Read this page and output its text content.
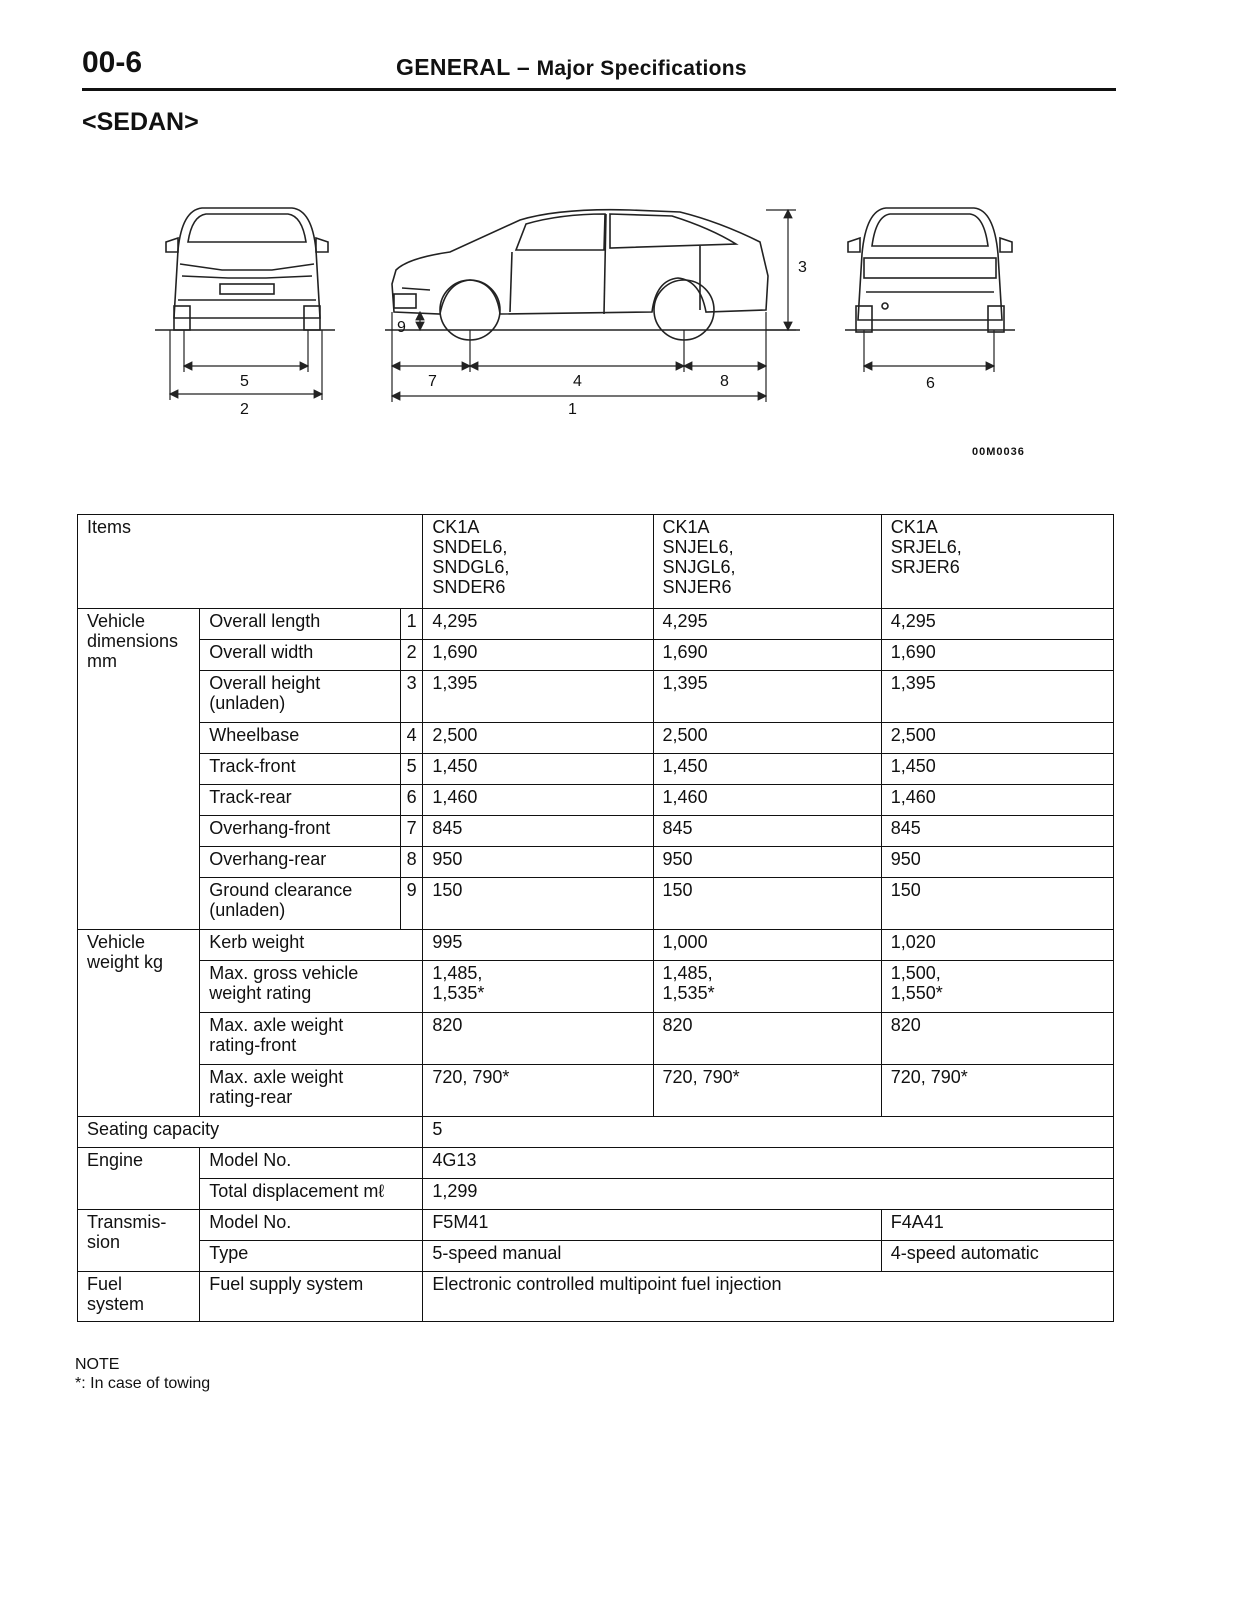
00-6	GENERAL – Major Specifications
<SEDAN>
5
2
3
9
7	4	8
1
6
00M0036
Items			CK1A
SNDEL6,
SNDGL6,
SNDER6	CK1A
SNJEL6,
SNJGL6,
SNJER6	CK1A
SRJEL6,
SRJER6
Vehicle
dimensions
mm	Overall length	1	4,295	4,295	4,295
	Overall width	2	1,690	1,690	1,690
	Overall height
(unladen)	3	1,395	1,395	1,395
	Wheelbase	4	2,500	2,500	2,500
	Track-front	5	1,450	1,450	1,450
	Track-rear	6	1,460	1,460	1,460
	Overhang-front	7	845	845	845
	Overhang-rear	8	950	950	950
	Ground clearance
(unladen)	9	150	150	150
Vehicle
weight kg	Kerb weight		995	1,000	1,020
	Max. gross vehicle
weight rating		1,485,
1,535*	1,485,
1,535*	1,500,
1,550*
	Max. axle weight
rating-front		820	820	820
	Max. axle weight
rating-rear		720, 790*	720, 790*	720, 790*
Seating capacity			5		
Engine	Model No.		4G13		
	Total displacement mℓ		1,299		
Transmis-
sion	Model No.		F5M41		F4A41
	Type		5-speed manual		4-speed automatic
Fuel
system	Fuel supply system		Electronic controlled multipoint fuel injection		
NOTE
*: In case of towing
